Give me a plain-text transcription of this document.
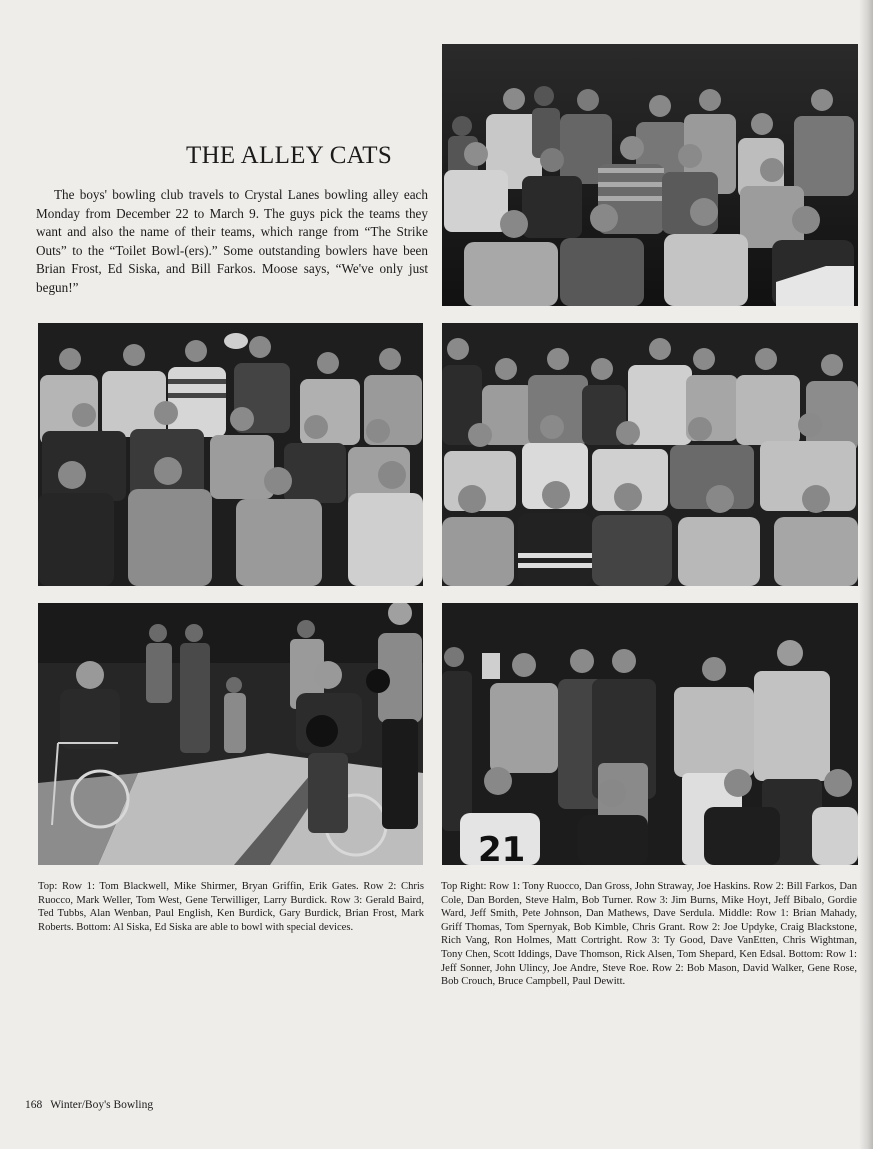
THE ALLEY CATS

The boys' bowling club travels to Crystal Lanes bowling alley each Monday from December 22 to March 9. The guys pick the teams they want and also the name of their teams, which range from “The Strike Outs” to the “Toilet Bowl-(ers).” Some outstanding bowlers have been Brian Frost, Ed Siska, and Bill Farkos. Moose says, “We've only just begun!”

21

Top: Row 1: Tom Blackwell, Mike Shirmer, Bryan Griffin, Erik Gates. Row 2: Chris Ruocco, Mark Weller, Tom West, Gene Terwilliger, Larry Burdick. Row 3: Gerald Baird, Ted Tubbs, Alan Wenban, Paul English, Ken Burdick, Gary Burdick, Brian Frost, Mark Roberts. Bottom: Al Siska, Ed Siska are able to bowl with special devices.

Top Right: Row 1: Tony Ruocco, Dan Gross, John Straway, Joe Haskins. Row 2: Bill Farkos, Dan Cole, Dan Borden, Steve Halm, Bob Turner. Row 3: Jim Burns, Mike Hoyt, Jeff Bibalo, Gordie Ward, Jeff Smith, Pete Johnson, Dan Mathews, Dave Serdula. Middle: Row 1: Brian Mahady, Griff Thomas, Tom Spernyak, Bob Kimble, Chris Grant. Row 2: Joe Updyke, Craig Blackstone, Rich Vang, Ron Holmes, Matt Cortright. Row 3: Ty Good, Dave VanEtten, Chris Wightman, Tony Chen, Scott Iddings, Dave Thomson, Rick Alsen, Tom Shepard, Ken Edsal. Bottom: Row 1: Jeff Sonner, John Ulincy, Joe Andre, Steve Roe. Row 2: Bob Mason, David Walker, Gene Rose, Bob Crouch, Bruce Campbell, Paul Dewitt.

168 Winter/Boy's Bowling
